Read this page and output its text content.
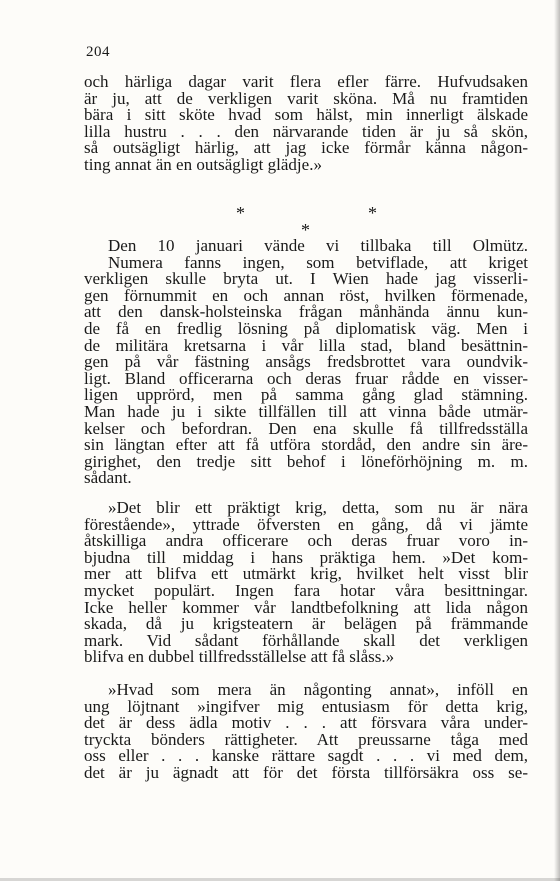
204
och härliga dagar varit flera efler färre. Hufvudsaken
är ju, att de verkligen varit sköna. Må nu framtiden
bära i sitt sköte hvad som hälst, min innerligt älskade
lilla hustru . . . den närvarande tiden är ju så skön,
så outsägligt härlig, att jag icke förmår känna någon-
ting annat än en outsägligt glädje.»
*	*
*
Den 10 januari vände vi tillbaka till Olmütz.
Numera fanns ingen, som betviflade, att kriget
verkligen skulle bryta ut. I Wien hade jag visserli-
gen förnummit en och annan röst, hvilken förmenade,
att den dansk-holsteinska frågan månhända ännu kun-
de få en fredlig lösning på diplomatisk väg. Men i
de militära kretsarna i vår lilla stad, bland besättnin-
gen på vår fästning ansågs fredsbrottet vara oundvik-
ligt. Bland officerarna och deras fruar rådde en visser-
ligen upprörd, men på samma gång glad stämning.
Man hade ju i sikte tillfällen till att vinna både utmär-
kelser och befordran. Den ena skulle få tillfredsställa
sin längtan efter att få utföra stordåd, den andre sin äre-
girighet, den tredje sitt behof i löneförhöjning m. m.
sådant.
»Det blir ett präktigt krig, detta, som nu är nära
förestående», yttrade öfversten en gång, då vi jämte
åtskilliga andra officerare och deras fruar voro in-
bjudna till middag i hans präktiga hem. »Det kom-
mer att blifva ett utmärkt krig, hvilket helt visst blir
mycket populärt. Ingen fara hotar våra besittningar.
Icke heller kommer vår landtbefolkning att lida någon
skada, då ju krigsteatern är belägen på främmande
mark. Vid sådant förhållande skall det verkligen
blifva en dubbel tillfredsställelse att få slåss.»
»Hvad som mera än någonting annat», inföll en
ung löjtnant »ingifver mig entusiasm för detta krig,
det är dess ädla motiv . . . att försvara våra under-
tryckta bönders rättigheter. Att preussarne tåga med
oss eller . . . kanske rättare sagdt . . . vi med dem,
det är ju ägnadt att för det första tillförsäkra oss se-
